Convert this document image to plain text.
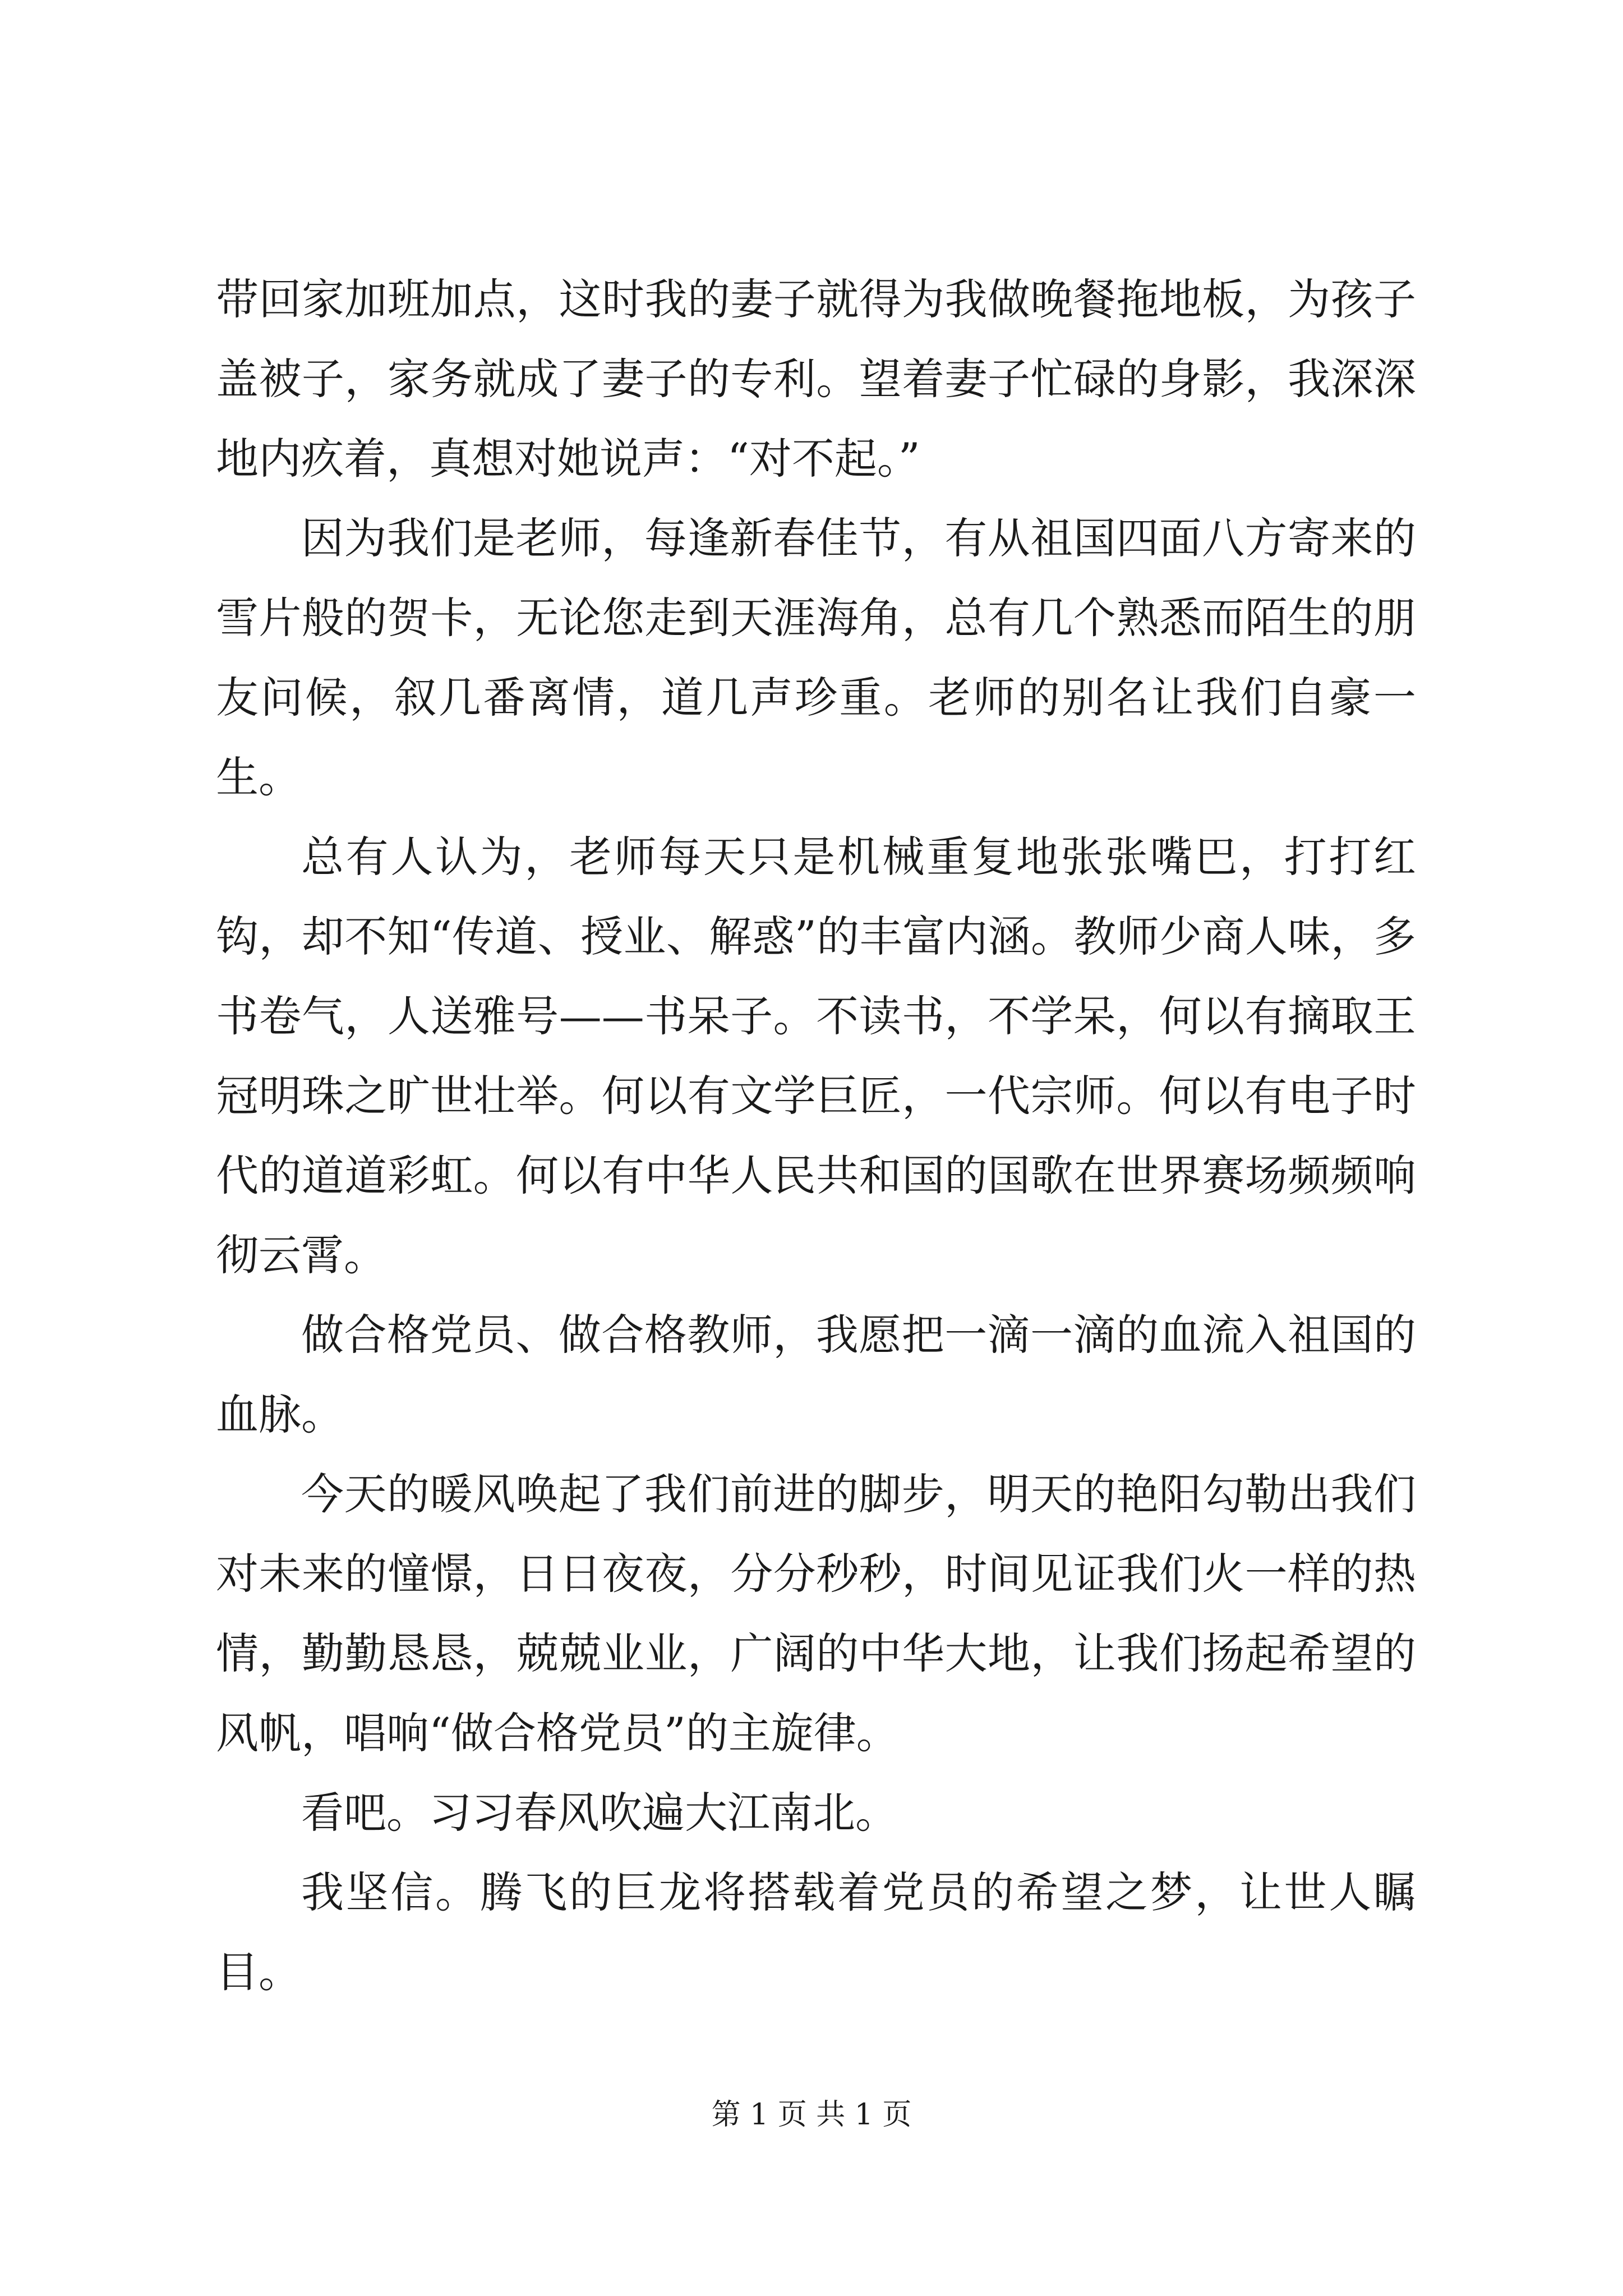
带回家加班加点，这时我的妻子就得为我做晚餐拖地板，为孩子盖被子，家务就成了妻子的专利。望着妻子忙碌的身影，我深深地内疚着，真想对她说声：“对不起。”

因为我们是老师，每逢新春佳节，有从祖国四面八方寄来的雪片般的贺卡，无论您走到天涯海角，总有几个熟悉而陌生的朋友问候，叙几番离情，道几声珍重。老师的别名让我们自豪一生。

总有人认为，老师每天只是机械重复地张张嘴巴，打打红钩，却不知“传道、授业、解惑”的丰富内涵。教师少商人味，多书卷气，人送雅号——书呆子。不读书，不学呆，何以有摘取王冠明珠之旷世壮举。何以有文学巨匠，一代宗师。何以有电子时代的道道彩虹。何以有中华人民共和国的国歌在世界赛场频频响彻云霄。

做合格党员、做合格教师，我愿把一滴一滴的血流入祖国的血脉。

今天的暖风唤起了我们前进的脚步，明天的艳阳勾勒出我们对未来的憧憬，日日夜夜，分分秒秒，时间见证我们火一样的热情，勤勤恳恳，兢兢业业，广阔的中华大地，让我们扬起希望的风帆，唱响“做合格党员”的主旋律。

看吧。习习春风吹遍大江南北。

我坚信。腾飞的巨龙将搭载着党员的希望之梦，让世人瞩目。

第 1 页 共 1 页
